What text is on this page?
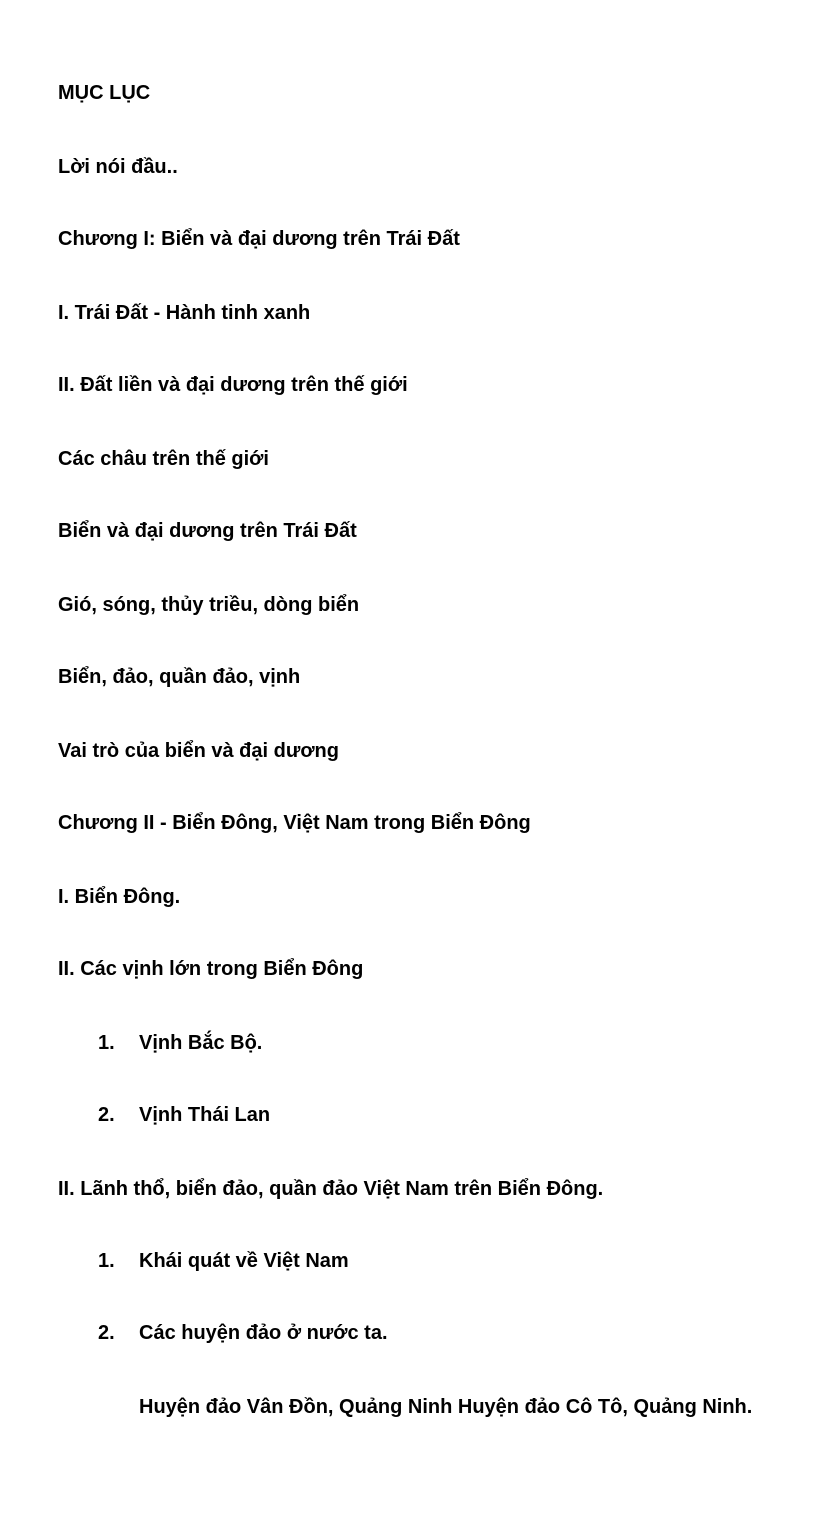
MỤC LỤC
Lời nói đầu..
Chương I: Biển và đại dương trên Trái Đất
I. Trái Đất - Hành tinh xanh
II. Đất liền và đại dương trên thế giới
Các châu trên thế giới
Biển và đại dương trên Trái Đất
Gió, sóng, thủy triều, dòng biển
Biển, đảo, quần đảo, vịnh
Vai trò của biển và đại dương
Chương II - Biển Đông, Việt Nam trong Biển Đông
I. Biển Đông.
II. Các vịnh lớn trong Biển Đông
1. Vịnh Bắc Bộ.
2. Vịnh Thái Lan
II. Lãnh thổ, biển đảo, quần đảo Việt Nam trên Biển Đông.
1. Khái quát về Việt Nam
2. Các huyện đảo ở nước ta.
Huyện đảo Vân Đồn, Quảng Ninh Huyện đảo Cô Tô, Quảng Ninh.
